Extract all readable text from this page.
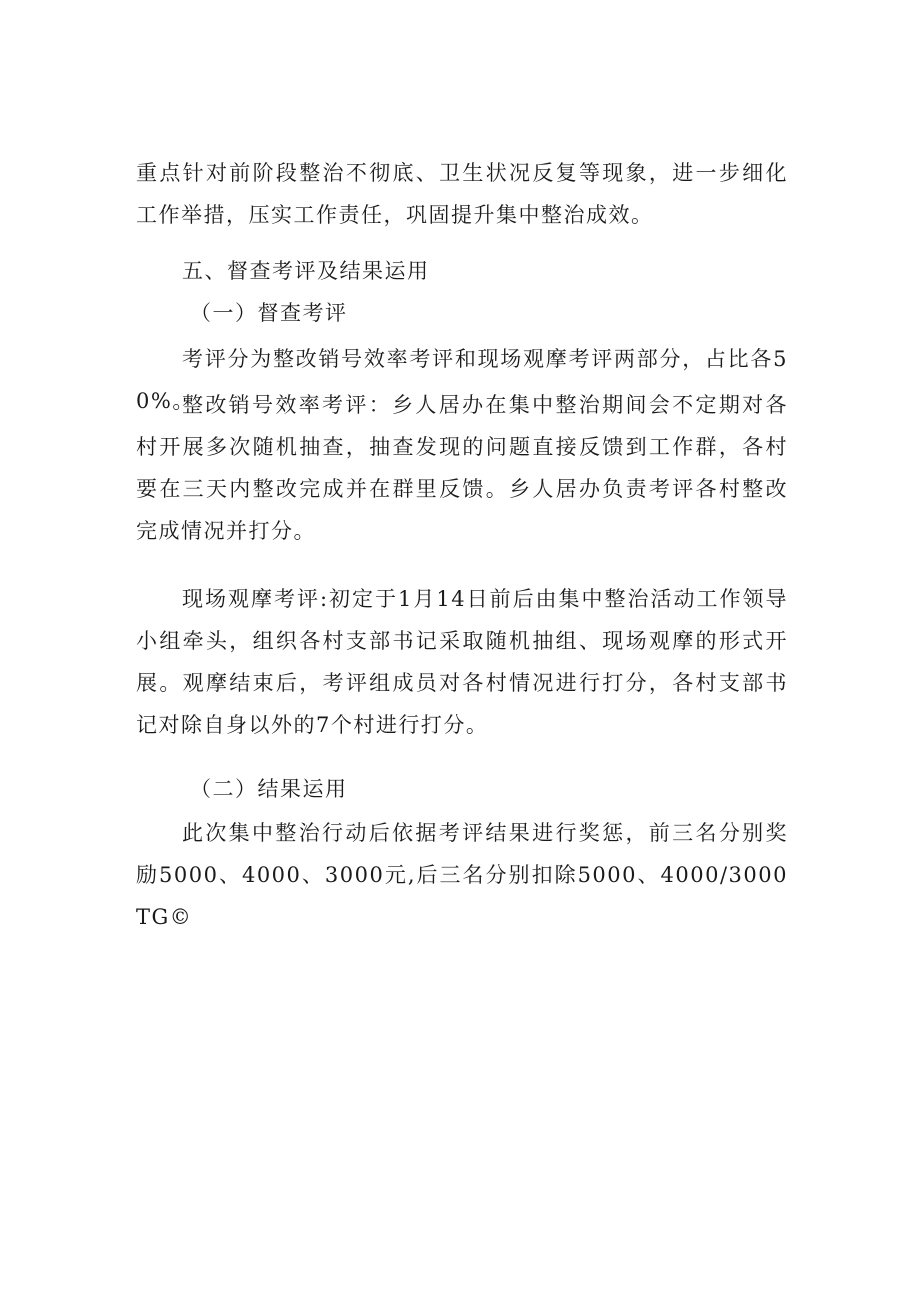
重点针对前阶段整治不彻底、卫生状况反复等现象，进一步细化工作举措，压实工作责任，巩固提升集中整治成效。

五、督查考评及结果运用

（一）督查考评

考评分为整改销号效率考评和现场观摩考评两部分，占比各50%。

整改销号效率考评：乡人居办在集中整治期间会不定期对各村开展多次随机抽查，抽查发现的问题直接反馈到工作群，各村要在三天内整改完成并在群里反馈。乡人居办负责考评各村整改完成情况并打分。

现场观摩考评:初定于1月14日前后由集中整治活动工作领导小组牵头，组织各村支部书记采取随机抽组、现场观摩的形式开展。观摩结束后，考评组成员对各村情况进行打分，各村支部书记对除自身以外的7个村进行打分。

（二）结果运用

此次集中整治行动后依据考评结果进行奖惩，前三名分别奖励5000、4000、3000元,后三名分别扣除5000、4000/3000TG©
